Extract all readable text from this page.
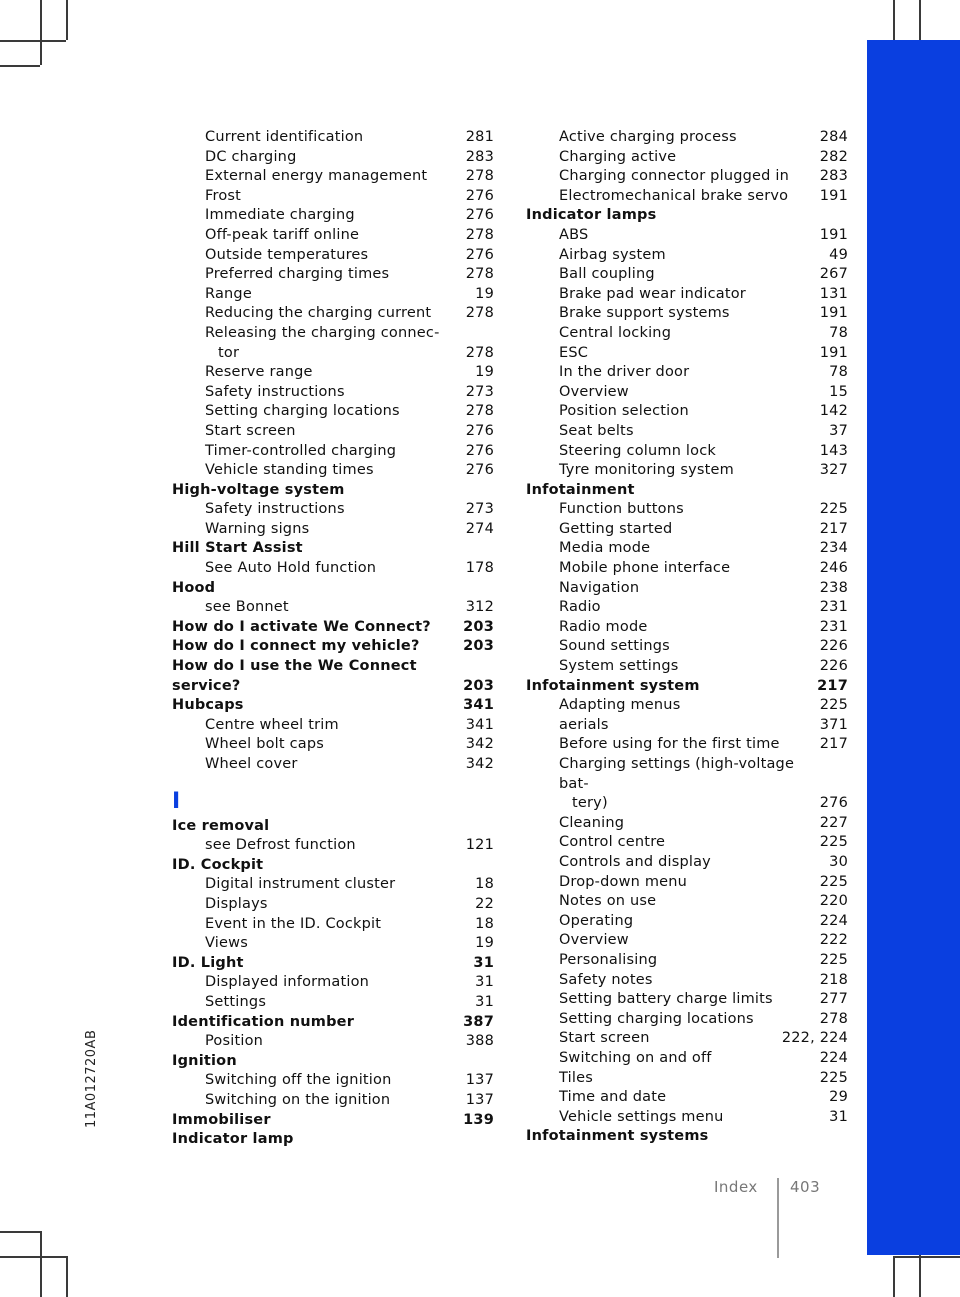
11A012720AB
Current identification	281
DC charging	283
External energy management	278
Frost	276
Immediate charging	276
Off-peak tariff online	278
Outside temperatures	276
Preferred charging times	278
Range	19
Reducing the charging current	278
Releasing the charging connec-
tor	278
Reserve range	19
Safety instructions	273
Setting charging locations	278
Start screen	276
Timer-controlled charging	276
Vehicle standing times	276
High-voltage system
Safety instructions	273
Warning signs	274
Hill Start Assist
See Auto Hold function	178
Hood
see Bonnet	312
How do I activate We Connect?	203
How do I connect my vehicle?	203
How do I use the We Connect service?	203
Hubcaps	341
Centre wheel trim	341
Wheel bolt caps	342
Wheel cover	342
I
Ice removal
see Defrost function	121
ID. Cockpit
Digital instrument cluster	18
Displays	22
Event in the ID. Cockpit	18
Views	19
ID. Light	31
Displayed information	31
Settings	31
Identification number	387
Position	388
Ignition
Switching off the ignition	137
Switching on the ignition	137
Immobiliser	139
Indicator lamp
Active charging process	284
Charging active	282
Charging connector plugged in	283
Electromechanical brake servo	191
Indicator lamps
ABS	191
Airbag system	49
Ball coupling	267
Brake pad wear indicator	131
Brake support systems	191
Central locking	78
ESC	191
In the driver door	78
Overview	15
Position selection	142
Seat belts	37
Steering column lock	143
Tyre monitoring system	327
Infotainment
Function buttons	225
Getting started	217
Media mode	234
Mobile phone interface	246
Navigation	238
Radio	231
Radio mode	231
Sound settings	226
System settings	226
Infotainment system	217
Adapting menus	225
aerials	371
Before using for the first time	217
Charging settings (high-voltage bat-
tery)	276
Cleaning	227
Control centre	225
Controls and display	30
Drop-down menu	225
Notes on use	220
Operating	224
Overview	222
Personalising	225
Safety notes	218
Setting battery charge limits	277
Setting charging locations	278
Start screen	222, 224
Switching on and off	224
Tiles	225
Time and date	29
Vehicle settings menu	31
Infotainment systems
Index 403
